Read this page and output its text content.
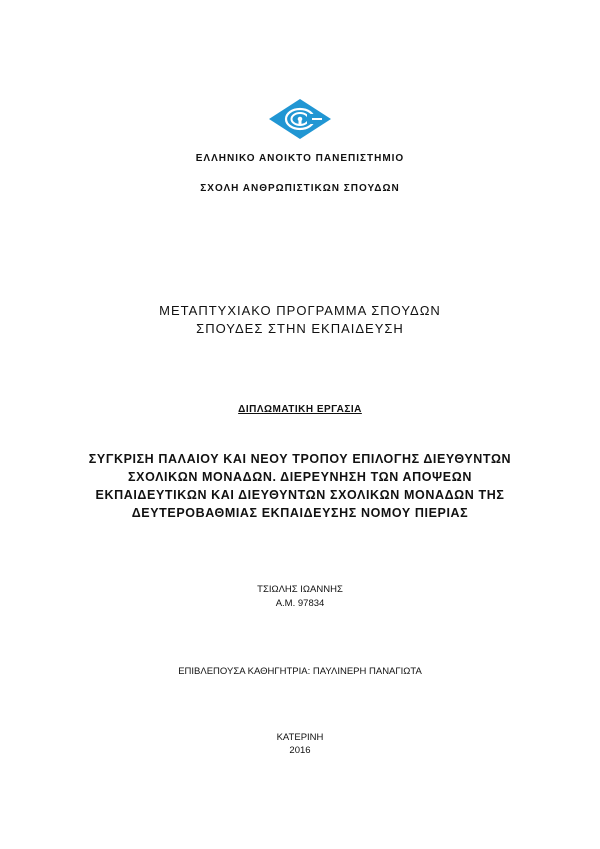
ΕΛΛΗΝΙΚΟ ΑΝΟΙΚΤΟ ΠΑΝΕΠΙΣΤΗΜΙΟ
ΣΧΟΛΗ ΑΝΘΡΩΠΙΣΤΙΚΩΝ ΣΠΟΥΔΩΝ
ΜΕΤΑΠΤΥΧΙΑΚΟ ΠΡΟΓΡΑΜΜΑ ΣΠΟΥΔΩΝ
ΣΠΟΥΔΕΣ ΣΤΗΝ ΕΚΠΑΙΔΕΥΣΗ
ΔΙΠΛΩΜΑΤΙΚΗ ΕΡΓΑΣΙΑ
ΣΥΓΚΡΙΣΗ ΠΑΛΑΙΟΥ ΚΑΙ ΝΕΟΥ ΤΡΟΠΟΥ ΕΠΙΛΟΓΗΣ ΔΙΕΥΘΥΝΤΩΝ
ΣΧΟΛΙΚΩΝ ΜΟΝΑΔΩΝ. ΔΙΕΡΕΥΝΗΣΗ ΤΩΝ ΑΠΟΨΕΩΝ
ΕΚΠΑΙΔΕΥΤΙΚΩΝ ΚΑΙ ΔΙΕΥΘΥΝΤΩΝ ΣΧΟΛΙΚΩΝ ΜΟΝΑΔΩΝ ΤΗΣ
ΔΕΥΤΕΡΟΒΑΘΜΙΑΣ ΕΚΠΑΙΔΕΥΣΗΣ ΝΟΜΟΥ ΠΙΕΡΙΑΣ
ΤΣΙΩΛΗΣ ΙΩΑΝΝΗΣ
Α.Μ. 97834
ΕΠΙΒΛΕΠΟΥΣΑ ΚΑΘΗΓΗΤΡΙΑ: ΠΑΥΛΙΝΕΡΗ ΠΑΝΑΓΙΩΤΑ
ΚΑΤΕΡΙΝΗ
2016
